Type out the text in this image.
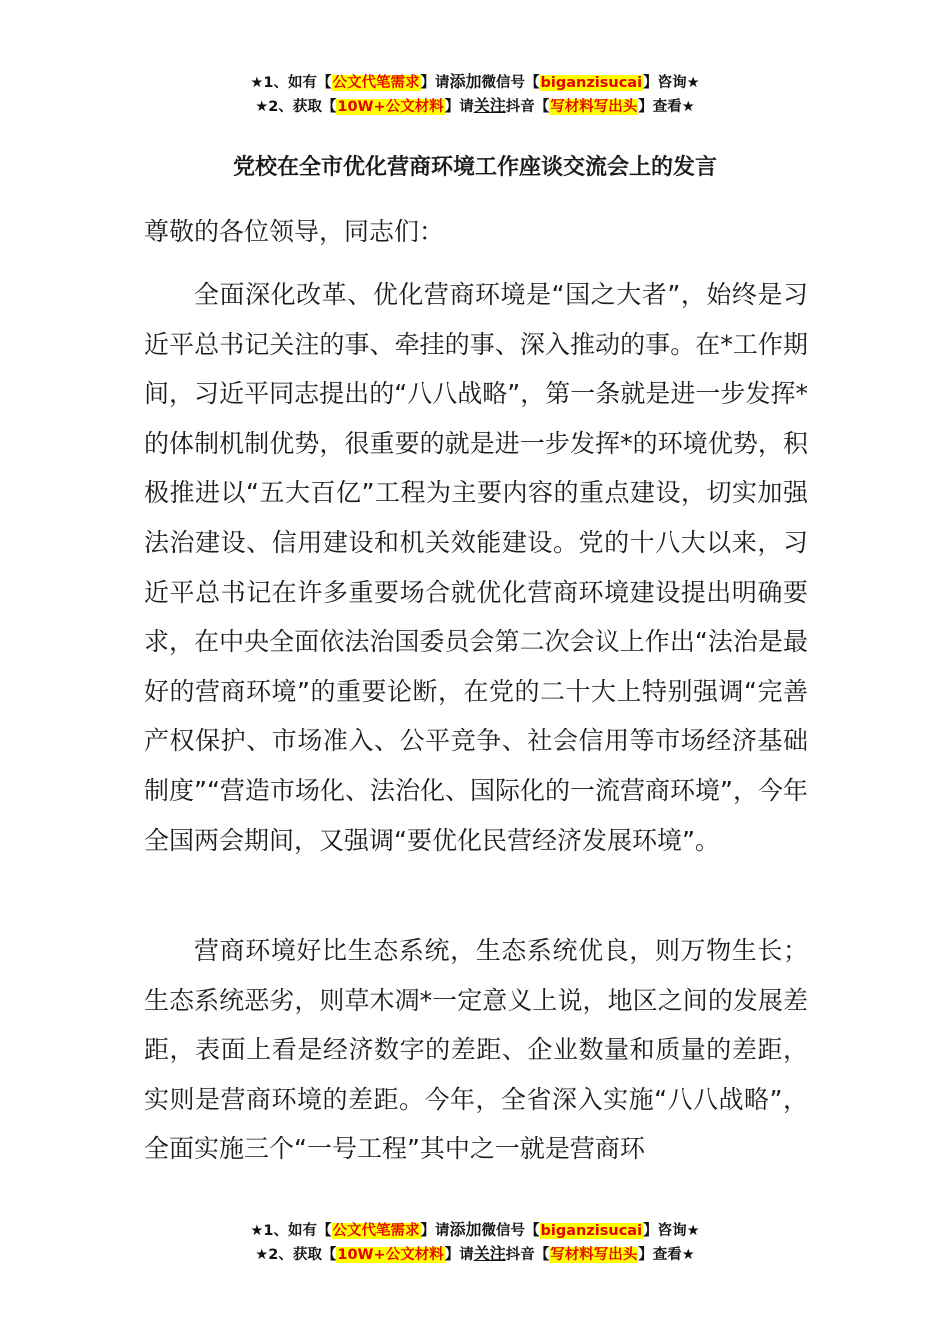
★1、如有【公文代笔需求】请添加微信号【biganzisucai】咨询★
★2、获取【10W+公文材料】请关注抖音【写材料写出头】查看★
党校在全市优化营商环境工作座谈交流会上的发言
尊敬的各位领导，同志们：

全面深化改革、优化营商环境是“国之大者”，始终是习近平总书记关注的事、牵挂的事、深入推动的事。在*工作期间，习近平同志提出的“八八战略”，第一条就是进一步发挥*的体制机制优势，很重要的就是进一步发挥*的环境优势，积极推进以“五大百亿”工程为主要内容的重点建设，切实加强法治建设、信用建设和机关效能建设。党的十八大以来，习近平总书记在许多重要场合就优化营商环境建设提出明确要求，在中央全面依法治国委员会第二次会议上作出“法治是最好的营商环境”的重要论断，在党的二十大上特别强调“完善产权保护、市场准入、公平竞争、社会信用等市场经济基础制度”“营造市场化、法治化、国际化的一流营商环境”，今年全国两会期间，又强调“要优化民营经济发展环境”。

营商环境好比生态系统，生态系统优良，则万物生长；生态系统恶劣，则草木凋*一定意义上说，地区之间的发展差距，表面上看是经济数字的差距、企业数量和质量的差距，实则是营商环境的差距。今年，全省深入实施“八八战略”，全面实施三个“一号工程”其中之一就是营商环

★1、如有【公文代笔需求】请添加微信号【biganzisucai】咨询★
★2、获取【10W+公文材料】请关注抖音【写材料写出头】查看★
